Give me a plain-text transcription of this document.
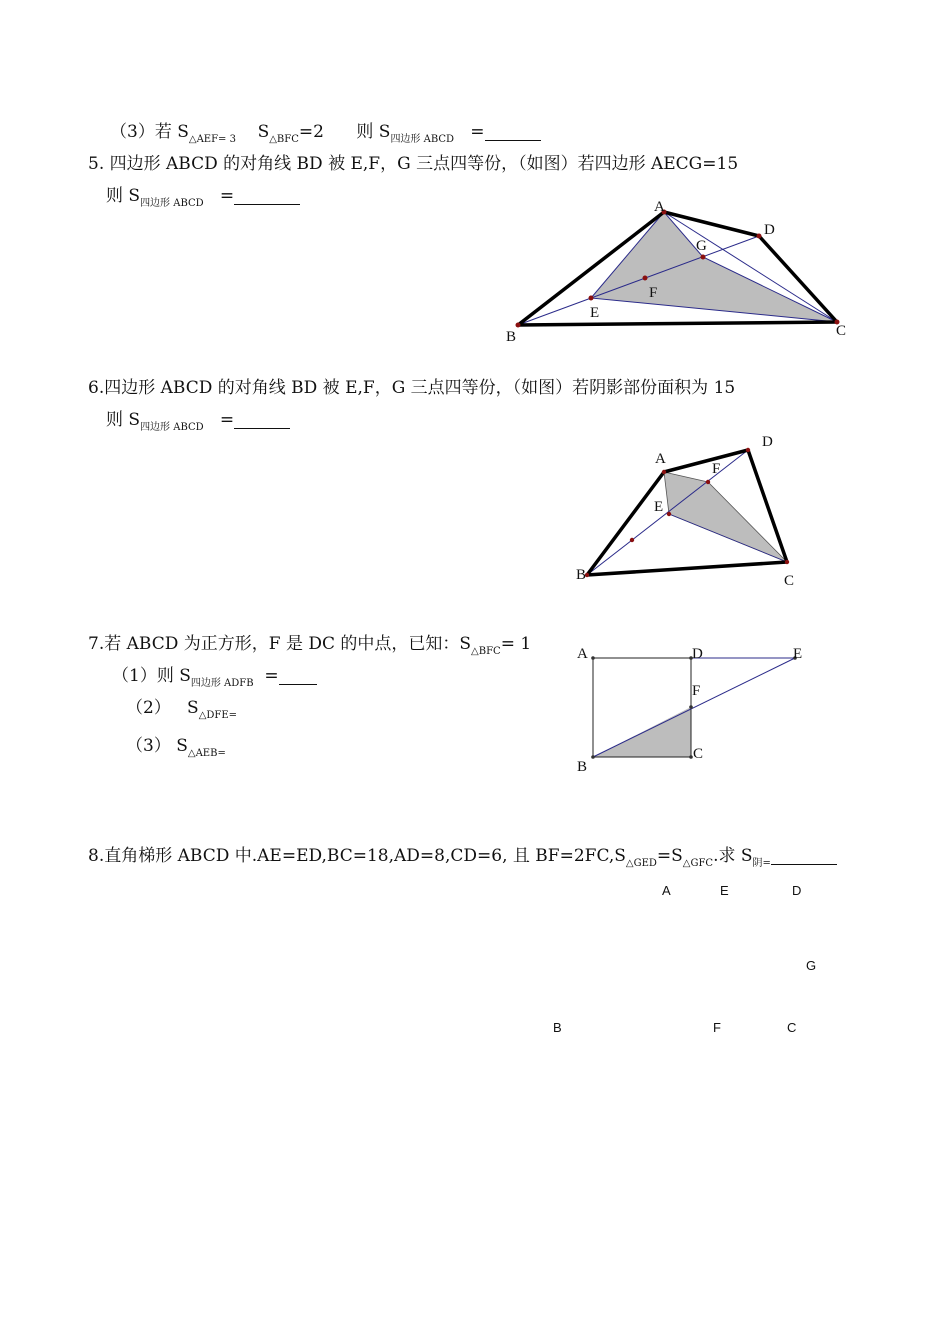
（3）若 $S_{\triangle AEF= 3}$ $S_{\triangle BFC}=2$ 则 $S_{四边形 ABCD}$ =
5. 四边形 ABCD 的对角线 BD 被 E,F，G 三点四等份，（如图）若四边形 AECG=15
则 $S_{四边形 ABCD}$ =
A
D
G
F
E
B	C
A
D
F
E
B	C
A	D	E
F
B
C
A	E	D
G
B	F	C
6.四边形 ABCD 的对角线 BD 被 E,F，G 三点四等份，（如图）若阴影部份面积为 15
则 $S_{四边形 ABCD}$ =
7.若 ABCD 为正方形，F 是 DC 的中点，已知：$S_{\triangle BFC}= 1$
（1）则 $S_{四边形 ADFB}$ =
（2） $S_{\triangle DFE=}$
（3） $S_{\triangle AEB=}$
8.直角梯形 ABCD 中.AE=ED,BC=18,AD=8,CD=6, 且 $BF=2FC,S_{\triangle GED}=S_{\triangle GFC}$.求 $S_{阴=}$
